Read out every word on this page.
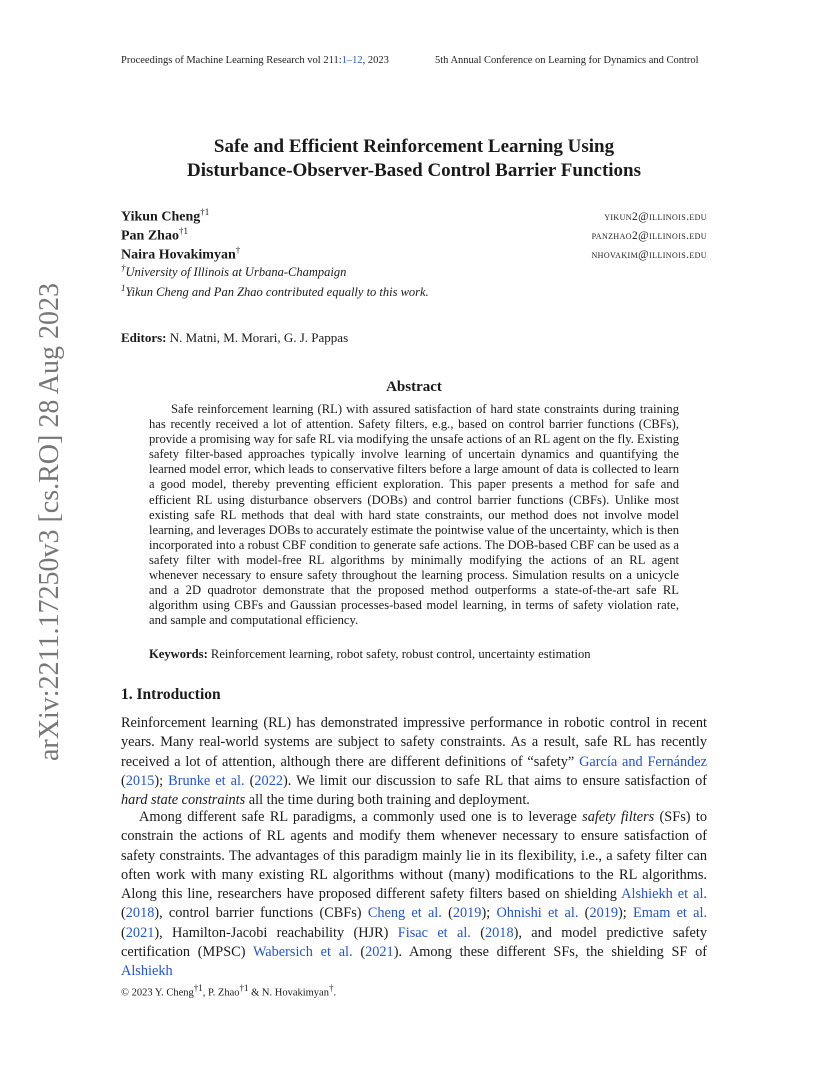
Proceedings of Machine Learning Research vol 211:1–12, 2023	5th Annual Conference on Learning for Dynamics and Control
arXiv:2211.17250v3 [cs.RO] 28 Aug 2023
Safe and Efficient Reinforcement Learning Using
Disturbance-Observer-Based Control Barrier Functions
Yikun Cheng$^{\dagger 1}$	yikun2@illinois.edu
Pan Zhao$^{\dagger 1}$	panzhao2@illinois.edu
Naira Hovakimyan†	nhovakim@illinois.edu
†University of Illinois at Urbana-Champaign
$^1$Yikun Cheng and Pan Zhao contributed equally to this work.
Editors: N. Matni, M. Morari, G. J. Pappas
Abstract
Safe reinforcement learning (RL) with assured satisfaction of hard state constraints during training has recently received a lot of attention. Safety filters, e.g., based on control barrier functions (CBFs), provide a promising way for safe RL via modifying the unsafe actions of an RL agent on the fly. Existing safety filter-based approaches typically involve learning of uncertain dynamics and quantifying the learned model error, which leads to conservative filters before a large amount of data is collected to learn a good model, thereby preventing efficient exploration. This paper presents a method for safe and efficient RL using disturbance observers (DOBs) and control barrier functions (CBFs). Unlike most existing safe RL methods that deal with hard state constraints, our method does not involve model learning, and leverages DOBs to accurately estimate the pointwise value of the uncertainty, which is then incorporated into a robust CBF condition to generate safe actions. The DOB-based CBF can be used as a safety filter with model-free RL algorithms by minimally modifying the actions of an RL agent whenever necessary to ensure safety throughout the learning process. Simulation results on a unicycle and a 2D quadrotor demonstrate that the proposed method outperforms a state-of-the-art safe RL algorithm using CBFs and Gaussian processes-based model learning, in terms of safety violation rate, and sample and computational efficiency.
Keywords: Reinforcement learning, robot safety, robust control, uncertainty estimation
1. Introduction
Reinforcement learning (RL) has demonstrated impressive performance in robotic control in recent years. Many real-world systems are subject to safety constraints. As a result, safe RL has recently received a lot of attention, although there are different definitions of “safety” García and Fernández (2015); Brunke et al. (2022). We limit our discussion to safe RL that aims to ensure satisfaction of hard state constraints all the time during both training and deployment.
Among different safe RL paradigms, a commonly used one is to leverage safety filters (SFs) to constrain the actions of RL agents and modify them whenever necessary to ensure satisfaction of safety constraints. The advantages of this paradigm mainly lie in its flexibility, i.e., a safety filter can often work with many existing RL algorithms without (many) modifications to the RL algorithms. Along this line, researchers have proposed different safety filters based on shielding Alshiekh et al. (2018), control barrier functions (CBFs) Cheng et al. (2019); Ohnishi et al. (2019); Emam et al. (2021), Hamilton-Jacobi reachability (HJR) Fisac et al. (2018), and model predictive safety certification (MPSC) Wabersich et al. (2021). Among these different SFs, the shielding SF of Alshiekh
© 2023 Y. Cheng$^{\dagger 1}$, P. Zhao$^{\dagger 1}$ & N. Hovakimyan†.
